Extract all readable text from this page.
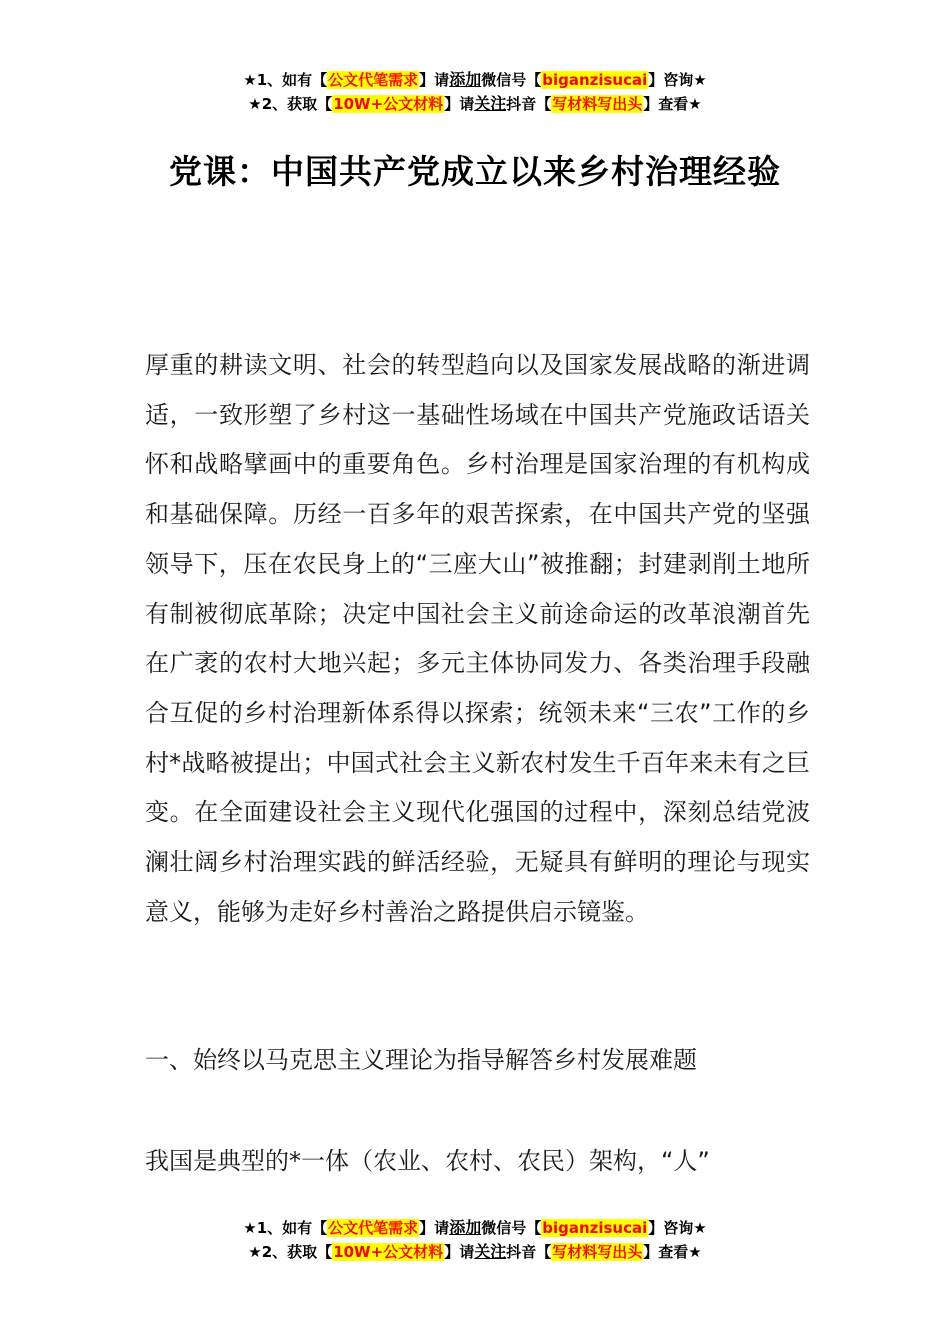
★1、如有【公文代笔需求】请添加微信号【biganzisucai】咨询★
★2、获取【10W+公文材料】请关注抖音【写材料写出头】查看★
党课：中国共产党成立以来乡村治理经验
厚重的耕读文明、社会的转型趋向以及国家发展战略的渐进调适，一致形塑了乡村这一基础性场域在中国共产党施政话语关怀和战略擘画中的重要角色。乡村治理是国家治理的有机构成和基础保障。历经一百多年的艰苦探索，在中国共产党的坚强领导下，压在农民身上的“三座大山”被推翻；封建剥削土地所有制被彻底革除；决定中国社会主义前途命运的改革浪潮首先在广袤的农村大地兴起；多元主体协同发力、各类治理手段融合互促的乡村治理新体系得以探索；统领未来“三农”工作的乡村*战略被提出；中国式社会主义新农村发生千百年来未有之巨变。在全面建设社会主义现代化强国的过程中，深刻总结党波澜壮阔乡村治理实践的鲜活经验，无疑具有鲜明的理论与现实意义，能够为走好乡村善治之路提供启示镜鉴。
一、始终以马克思主义理论为指导解答乡村发展难题
我国是典型的*一体（农业、农村、农民）架构，“人”
★1、如有【公文代笔需求】请添加微信号【biganzisucai】咨询★
★2、获取【10W+公文材料】请关注抖音【写材料写出头】查看★
